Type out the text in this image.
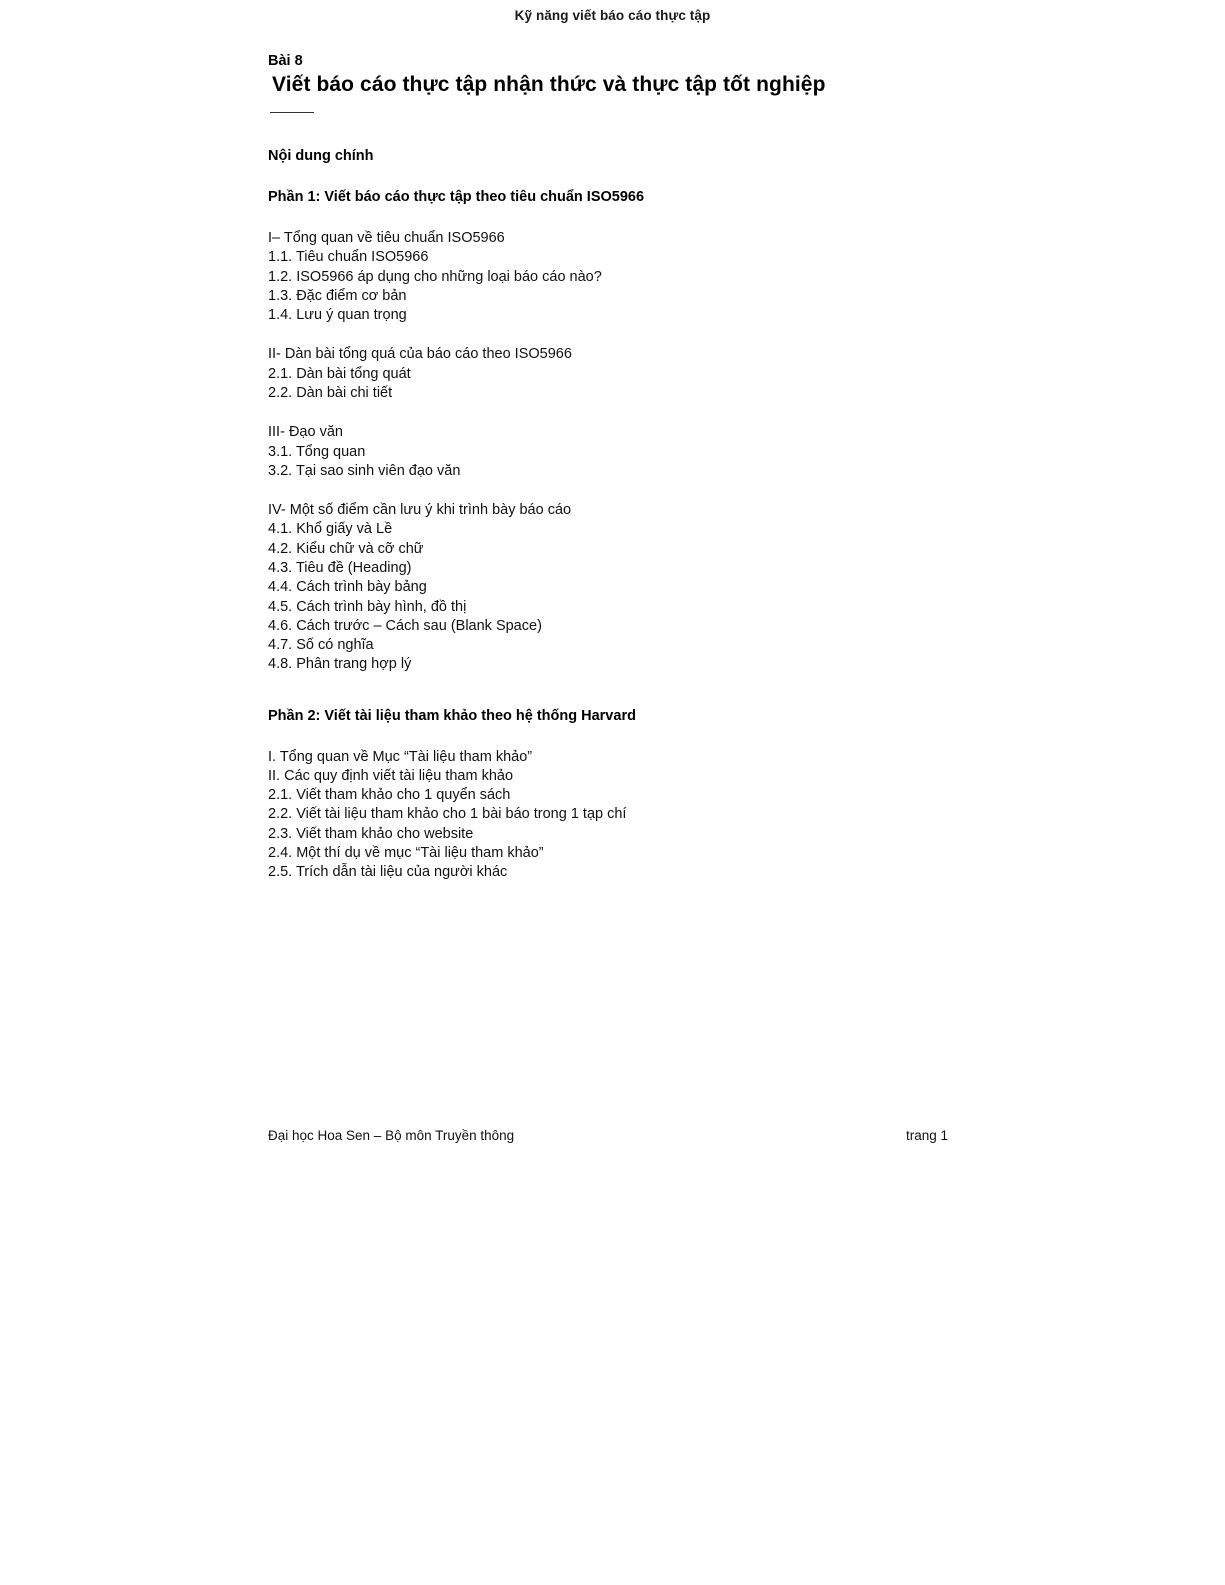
Kỹ năng viết báo cáo thực tập
Bài 8
Viết báo cáo thực tập nhận thức và thực tập tốt nghiệp
Nội dung chính
Phần 1: Viết báo cáo thực tập theo tiêu chuẩn ISO5966

I– Tổng quan về tiêu chuẩn ISO5966

1.1. Tiêu chuẩn ISO5966

1.2. ISO5966 áp dụng cho những loại báo cáo nào?

1.3. Đặc điểm cơ bản

1.4. Lưu ý quan trọng

II- Dàn bài tổng quá của báo cáo theo ISO5966

2.1. Dàn bài tổng quát

2.2. Dàn bài chi tiết

III- Đạo văn

3.1. Tổng quan

3.2. Tại sao sinh viên đạo văn

IV- Một số điểm cần lưu ý khi trình bày báo cáo

4.1. Khổ giấy và Lề

4.2. Kiểu chữ và cỡ chữ

4.3. Tiêu đề (Heading)

4.4. Cách trình bày bảng

4.5. Cách trình bày hình, đồ thị

4.6. Cách trước – Cách sau (Blank Space)

4.7. Số có nghĩa

4.8. Phân trang hợp lý

Phần 2: Viết tài liệu tham khảo theo hệ thống Harvard

I. Tổng quan về Mục “Tài liệu tham khảo”

II. Các quy định viết tài liệu tham khảo

2.1. Viết tham khảo cho 1 quyển sách

2.2. Viết tài liệu tham khảo cho 1 bài báo trong 1 tạp chí

2.3. Viết tham khảo cho website

2.4. Một thí dụ về mục “Tài liệu tham khảo”

2.5. Trích dẫn tài liệu của người khác

Đại học Hoa Sen – Bộ môn Truyền thông	trang 1
